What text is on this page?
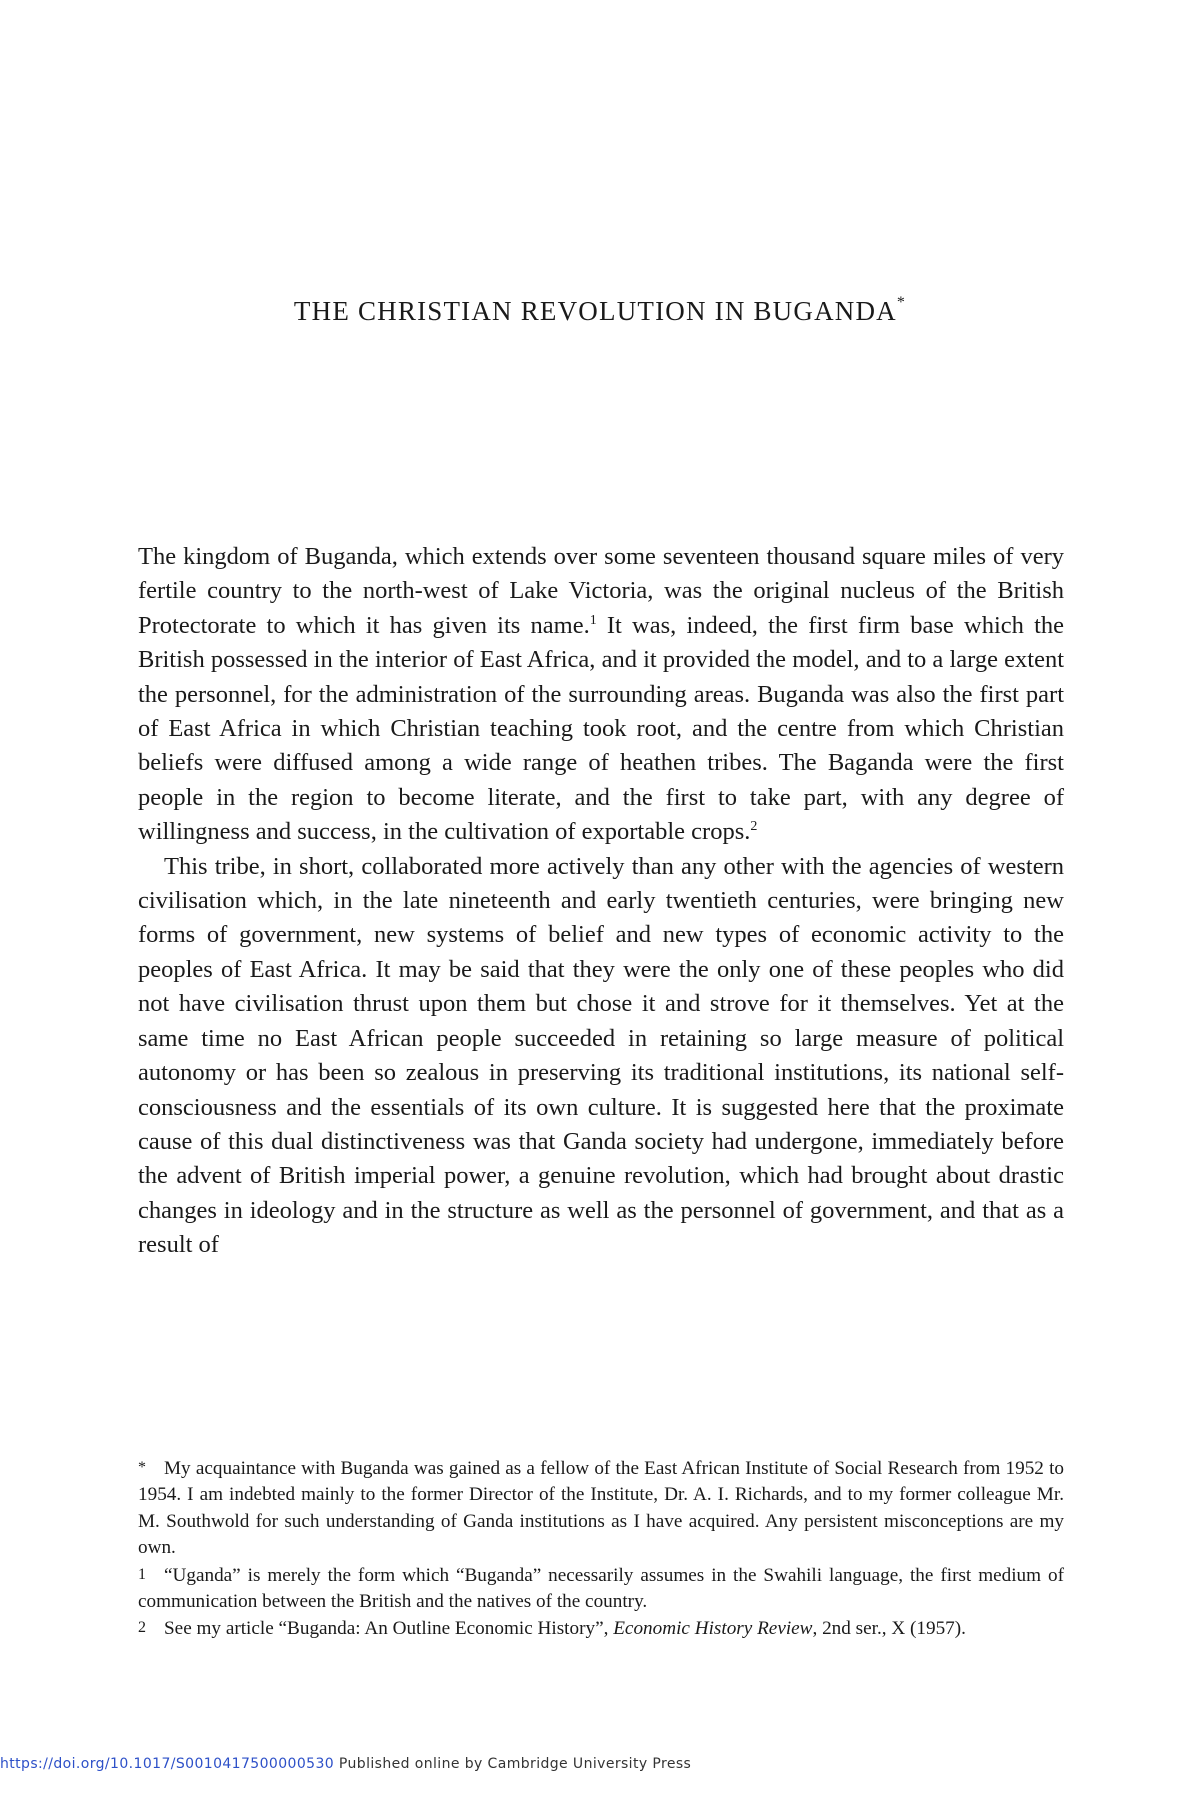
THE CHRISTIAN REVOLUTION IN BUGANDA*

The kingdom of Buganda, which extends over some seventeen thousand square miles of very fertile country to the north-west of Lake Victoria, was the original nucleus of the British Protectorate to which it has given its name.$^1$ It was, indeed, the first firm base which the British possessed in the interior of East Africa, and it provided the model, and to a large extent the personnel, for the administration of the surrounding areas. Buganda was also the first part of East Africa in which Christian teaching took root, and the centre from which Christian beliefs were diffused among a wide range of heathen tribes. The Baganda were the first people in the region to become literate, and the first to take part, with any degree of willingness and success, in the cultivation of exportable crops.$^2$

This tribe, in short, collaborated more actively than any other with the agencies of western civilisation which, in the late nineteenth and early twentieth centuries, were bringing new forms of government, new systems of belief and new types of economic activity to the peoples of East Africa. It may be said that they were the only one of these peoples who did not have civilisation thrust upon them but chose it and strove for it themselves. Yet at the same time no East African people succeeded in retaining so large measure of political autonomy or has been so zealous in preserving its traditional institutions, its national self-consciousness and the essentials of its own culture. It is suggested here that the proximate cause of this dual distinctiveness was that Ganda society had undergone, immediately before the advent of British imperial power, a genuine revolution, which had brought about drastic changes in ideology and in the structure as well as the personnel of government, and that as a result of

* My acquaintance with Buganda was gained as a fellow of the East African Institute of Social Research from 1952 to 1954. I am indebted mainly to the former Director of the Institute, Dr. A. I. Richards, and to my former colleague Mr. M. Southwold for such understanding of Ganda institutions as I have acquired. Any persistent misconceptions are my own.

1 “Uganda” is merely the form which “Buganda” necessarily assumes in the Swahili language, the first medium of communication between the British and the natives of the country.

2 See my article “Buganda: An Outline Economic History”, Economic History Review, 2nd ser., X (1957).

https://doi.org/10.1017/S0010417500000530 Published online by Cambridge University Press
